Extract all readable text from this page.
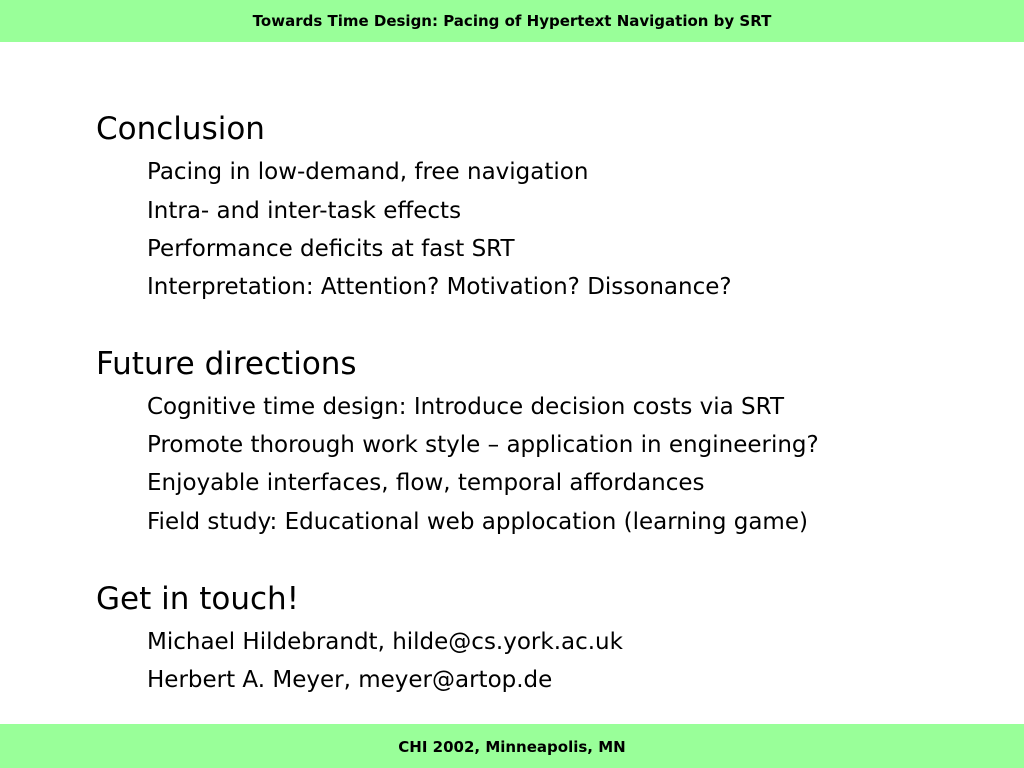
Towards Time Design: Pacing of Hypertext Navigation by SRT
Conclusion
Pacing in low-demand, free navigation
Intra- and inter-task effects
Performance deficits at fast SRT
Interpretation: Attention? Motivation? Dissonance?
Future directions
Cognitive time design: Introduce decision costs via SRT
Promote thorough work style – application in engineering?
Enjoyable interfaces, flow, temporal affordances
Field study: Educational web applocation (learning game)
Get in touch!
Michael Hildebrandt, hilde@cs.york.ac.uk
Herbert A. Meyer, meyer@artop.de
CHI 2002, Minneapolis, MN
